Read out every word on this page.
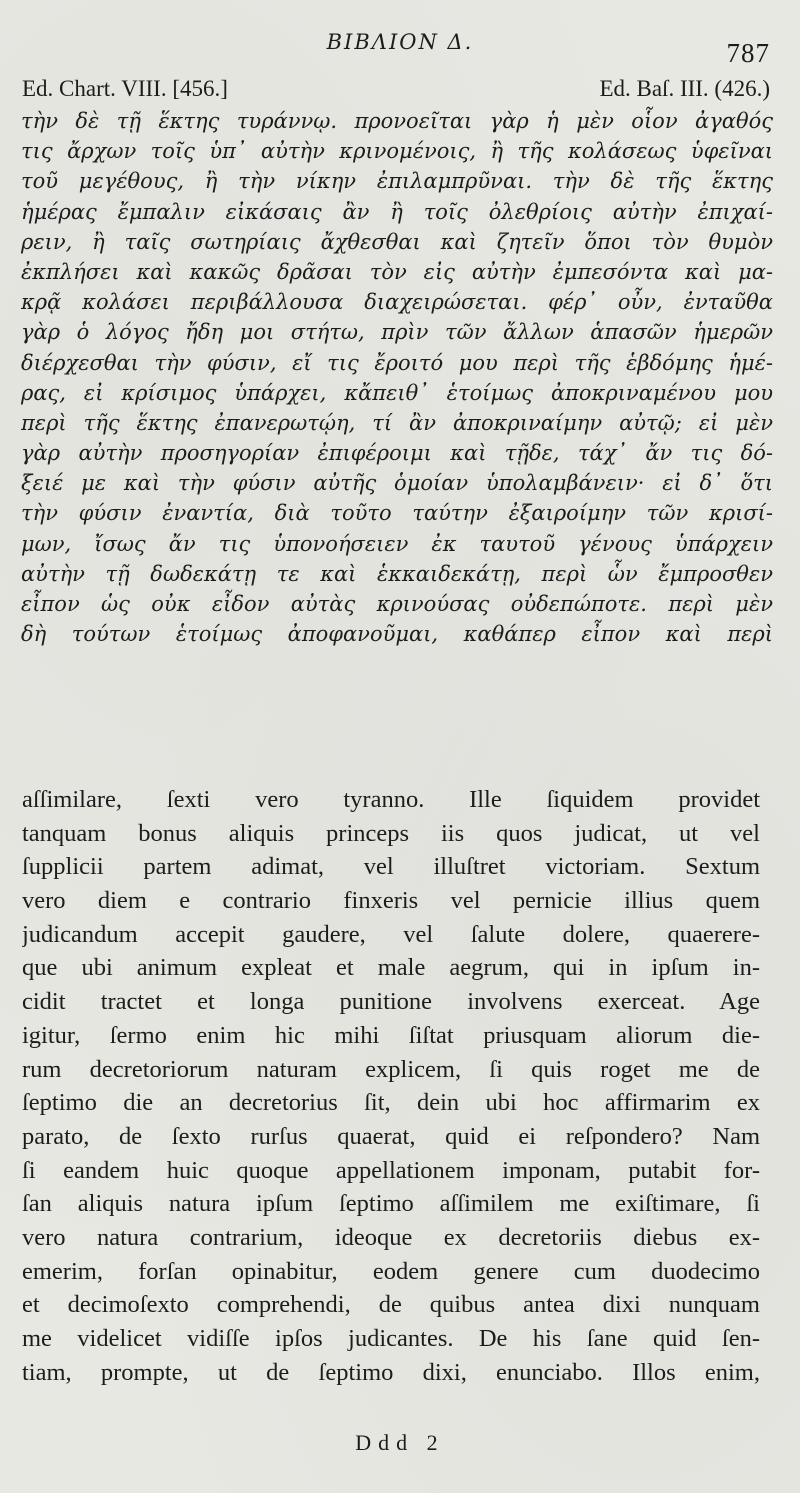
ΒΙΒΛΙΟΝ Δ.	787
Ed. Chart. VIII. [456.]	Ed. Baſ. III. (426.)
τὴν δὲ τῇ ἕκτης τυράννῳ. προνοεῖται γὰρ ἡ μὲν οἷον ἀγαθός
τις ἄρχων τοῖς ὑπ᾽ αὐτὴν κρινομένοις, ἢ τῆς κολάσεως ὑφεῖναι
τοῦ μεγέθους, ἢ τὴν νίκην ἐπιλαμπρῦναι. τὴν δὲ τῆς ἕκτης
ἡμέρας ἔμπαλιν εἰκάσαις ἂν ἢ τοῖς ὀλεθρίοις αὐτὴν ἐπιχαί-
ρειν, ἢ ταῖς σωτηρίαις ἄχθεσθαι καὶ ζητεῖν ὅποι τὸν θυμὸν
ἐκπλήσει καὶ κακῶς δρᾶσαι τὸν εἰς αὐτὴν ἐμπεσόντα καὶ μα-
κρᾷ κολάσει περιβάλλουσα διαχειρώσεται. φέρ᾽ οὖν, ἐνταῦθα
γὰρ ὁ λόγος ἤδη μοι στήτω, πρὶν τῶν ἄλλων ἁπασῶν ἡμερῶν
διέρχεσθαι τὴν φύσιν, εἴ τις ἔροιτό μου περὶ τῆς ἑβδόμης ἡμέ-
ρας, εἰ κρίσιμος ὑπάρχει, κἄπειθ᾽ ἑτοίμως ἀποκριναμένου μου
περὶ τῆς ἕκτης ἐπανερωτῴη, τί ἂν ἀποκριναίμην αὐτῷ; εἰ μὲν
γὰρ αὐτὴν προσηγορίαν ἐπιφέροιμι καὶ τῇδε, τάχ᾽ ἄν τις δό-
ξειέ με καὶ τὴν φύσιν αὐτῆς ὁμοίαν ὑπολαμβάνειν· εἰ δ᾽ ὅτι
τὴν φύσιν ἐναντία, διὰ τοῦτο ταύτην ἐξαιροίμην τῶν κρισί-
μων, ἴσως ἄν τις ὑπονοήσειεν ἐκ ταυτοῦ γένους ὑπάρχειν
αὐτὴν τῇ δωδεκάτῃ τε καὶ ἑκκαιδεκάτῃ, περὶ ὧν ἔμπροσθεν
εἶπον ὡς οὐκ εἶδον αὐτὰς κρινούσας οὐδεπώποτε. περὶ μὲν
δὴ τούτων ἑτοίμως ἀποφανοῦμαι, καθάπερ εἶπον καὶ περὶ
aſſimilare, ſexti vero tyranno. Ille ſiquidem providet
tanquam bonus aliquis princeps iis quos judicat, ut vel
ſupplicii partem adimat, vel illuſtret victoriam. Sextum
vero diem e contrario finxeris vel pernicie illius quem
judicandum accepit gaudere, vel ſalute dolere, quaerere-
que ubi animum expleat et male aegrum, qui in ipſum in-
cidit tractet et longa punitione involvens exerceat. Age
igitur, ſermo enim hic mihi ſiſtat priusquam aliorum die-
rum decretoriorum naturam explicem, ſi quis roget me de
ſeptimo die an decretorius ſit, dein ubi hoc affirmarim ex
parato, de ſexto rurſus quaerat, quid ei reſpondero? Nam
ſi eandem huic quoque appellationem imponam, putabit for-
ſan aliquis natura ipſum ſeptimo aſſimilem me exiſtimare, ſi
vero natura contrarium, ideoque ex decretoriis diebus ex-
emerim, forſan opinabitur, eodem genere cum duodecimo
et decimoſexto comprehendi, de quibus antea dixi nunquam
me videlicet vidiſſe ipſos judicantes. De his ſane quid ſen-
tiam, prompte, ut de ſeptimo dixi, enunciabo. Illos enim,
Ddd 2
